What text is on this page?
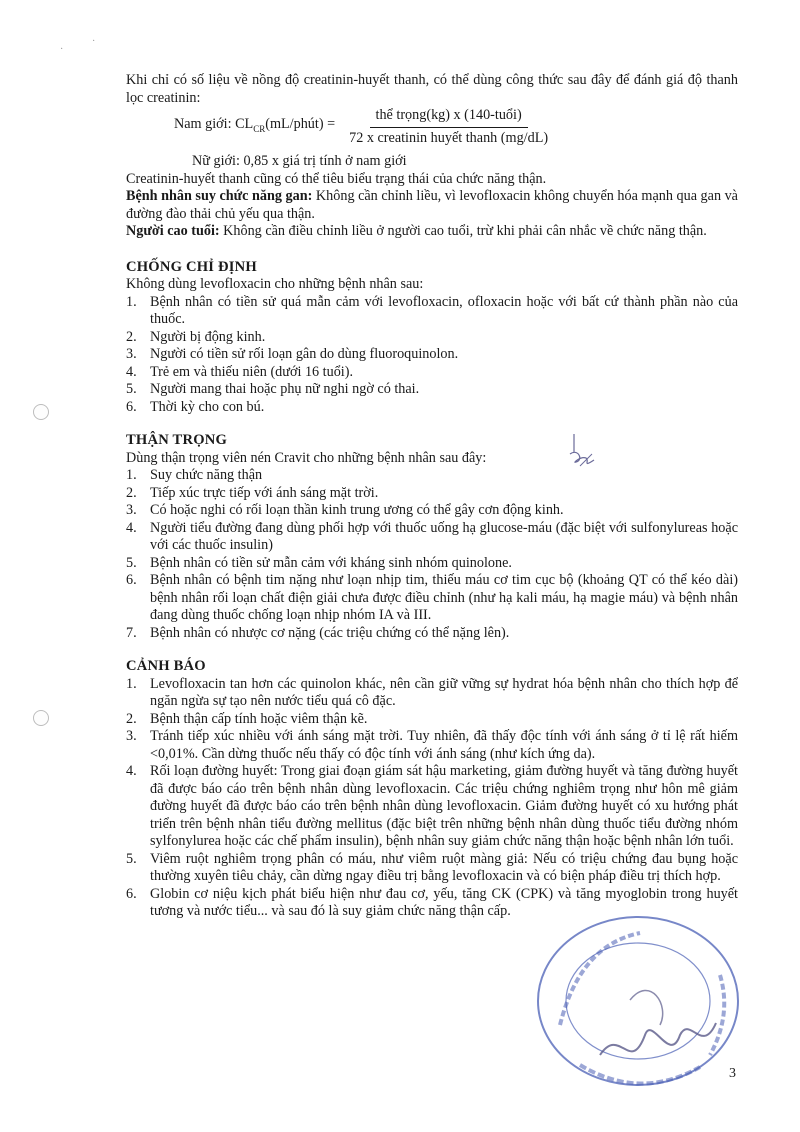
·
·

Khi chỉ có số liệu về nồng độ creatinin-huyết thanh, có thể dùng công thức sau đây để đánh giá độ thanh lọc creatinin:

Nam giới: $CL_{CR}(mL/phút) = \frac{\text{thể trọng(kg) x (140-tuổi)}}{\text{72 x creatinin huyết thanh (mg/dL)}}$

Nữ giới: 0,85 x giá trị tính ở nam giới

Creatinin-huyết thanh cũng có thể tiêu biểu trạng thái của chức năng thận.

Bệnh nhân suy chức năng gan: Không cần chỉnh liều, vì levofloxacin không chuyển hóa mạnh qua gan và đường đào thải chủ yếu qua thận.

Người cao tuổi: Không cần điều chỉnh liều ở người cao tuổi, trừ khi phải cân nhắc về chức năng thận.

CHỐNG CHỈ ĐỊNH

Không dùng levofloxacin cho những bệnh nhân sau:

1. Bệnh nhân có tiền sử quá mẫn cảm với levofloxacin, ofloxacin hoặc với bất cứ thành phần nào của thuốc.
2. Người bị động kinh.
3. Người có tiền sử rối loạn gân do dùng fluoroquinolon.
4. Trẻ em và thiếu niên (dưới 16 tuổi).
5. Người mang thai hoặc phụ nữ nghi ngờ có thai.
6. Thời kỳ cho con bú.

THẬN TRỌNG

Dùng thận trọng viên nén Cravit cho những bệnh nhân sau đây:

1. Suy chức năng thận
2. Tiếp xúc trực tiếp với ánh sáng mặt trời.
3. Có hoặc nghi có rối loạn thần kinh trung ương có thể gây cơn động kinh.
4. Người tiểu đường đang dùng phối hợp với thuốc uống hạ glucose-máu (đặc biệt với sulfonylureas hoặc với các thuốc insulin)
5. Bệnh nhân có tiền sử mẫn cảm với kháng sinh nhóm quinolone.
6. Bệnh nhân có bệnh tim nặng như loạn nhịp tim, thiếu máu cơ tim cục bộ (khoảng QT có thể kéo dài) bệnh nhân rối loạn chất điện giải chưa được điều chỉnh (như hạ kali máu, hạ magie máu) và bệnh nhân đang dùng thuốc chống loạn nhịp nhóm IA và III.
7. Bệnh nhân có nhược cơ nặng (các triệu chứng có thể nặng lên).

CẢNH BÁO

1. Levofloxacin tan hơn các quinolon khác, nên cần giữ vững sự hydrat hóa bệnh nhân cho thích hợp để ngăn ngừa sự tạo nên nước tiểu quá cô đặc.
2. Bệnh thận cấp tính hoặc viêm thận kẽ.
3. Tránh tiếp xúc nhiều với ánh sáng mặt trời. Tuy nhiên, đã thấy độc tính với ánh sáng ở tỉ lệ rất hiếm <0,01%. Cần dừng thuốc nếu thấy có độc tính với ánh sáng (như kích ứng da).
4. Rối loạn đường huyết: Trong giai đoạn giám sát hậu marketing, giảm đường huyết và tăng đường huyết đã được báo cáo trên bệnh nhân dùng levofloxacin. Các triệu chứng nghiêm trọng như hôn mê giảm đường huyết đã được báo cáo trên bệnh nhân dùng levofloxacin. Giảm đường huyết có xu hướng phát triển trên bệnh nhân tiểu đường mellitus (đặc biệt trên những bệnh nhân dùng thuốc tiểu đường nhóm sylfonylurea hoặc các chế phẩm insulin), bệnh nhân suy giảm chức năng thận hoặc bệnh nhân lớn tuổi.
5. Viêm ruột nghiêm trọng phân có máu, như viêm ruột màng giả: Nếu có triệu chứng đau bụng hoặc thường xuyên tiêu chảy, cần dừng ngay điều trị bằng levofloxacin và có biện pháp điều trị thích hợp.
6. Globin cơ niệu kịch phát biểu hiện như đau cơ, yếu, tăng CK (CPK) và tăng myoglobin trong huyết tương và nước tiểu... và sau đó là suy giảm chức năng thận cấp.
3
